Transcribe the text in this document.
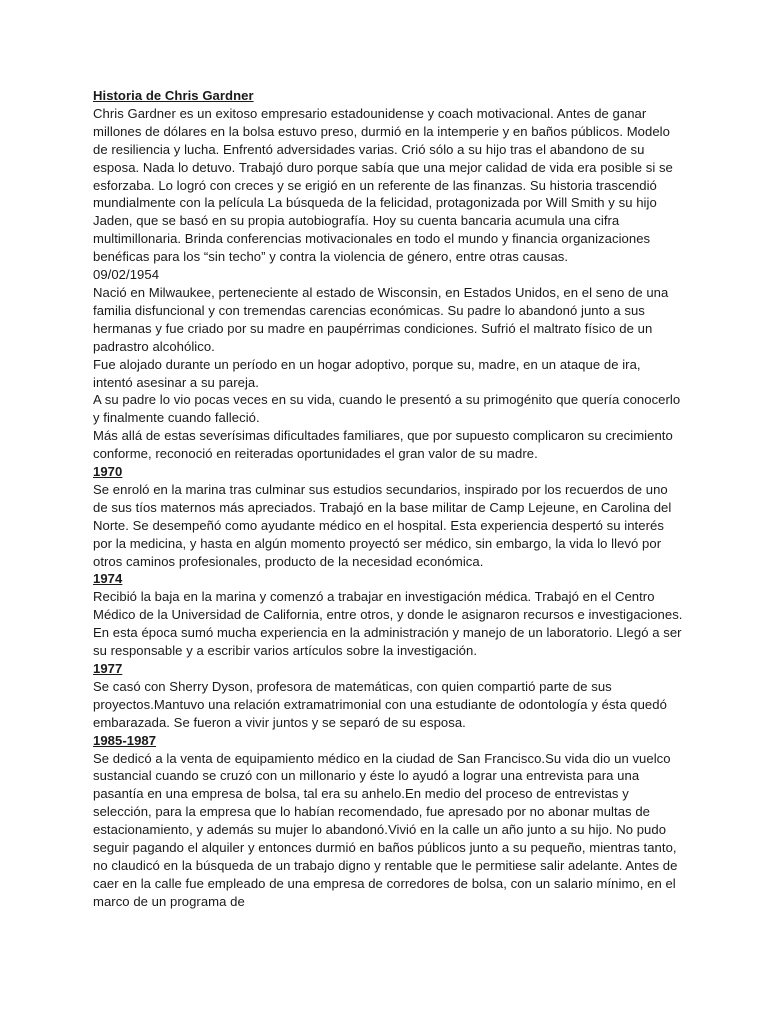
Historia de Chris Gardner

Chris Gardner es un exitoso empresario estadounidense y coach motivacional. Antes de ganar millones de dólares en la bolsa estuvo preso, durmió en la intemperie y en baños públicos. Modelo de resiliencia y lucha. Enfrentó adversidades varias. Crió sólo a su hijo tras el abandono de su esposa. Nada lo detuvo. Trabajó duro porque sabía que una mejor calidad de vida era posible si se esforzaba. Lo logró con creces y se erigió en un referente de las finanzas. Su historia trascendió mundialmente con la película La búsqueda de la felicidad, protagonizada por Will Smith y su hijo Jaden, que se basó en su propia autobiografía. Hoy su cuenta bancaria acumula una cifra multimillonaria. Brinda conferencias motivacionales en todo el mundo y financia organizaciones benéficas para los “sin techo” y contra la violencia de género, entre otras causas.

09/02/1954

Nació en Milwaukee, perteneciente al estado de Wisconsin, en Estados Unidos, en el seno de una familia disfuncional y con tremendas carencias económicas. Su padre lo abandonó junto a sus hermanas y fue criado por su madre en paupérrimas condiciones. Sufrió el maltrato físico de un padrastro alcohólico.

Fue alojado durante un período en un hogar adoptivo, porque su, madre, en un ataque de ira, intentó asesinar a su pareja.

A su padre lo vio pocas veces en su vida, cuando le presentó a su primogénito que quería conocerlo y finalmente cuando falleció.

Más allá de estas severísimas dificultades familiares, que por supuesto complicaron su crecimiento conforme, reconoció en reiteradas oportunidades el gran valor de su madre.

1970

Se enroló en la marina tras culminar sus estudios secundarios, inspirado por los recuerdos de uno de sus tíos maternos más apreciados. Trabajó en la base militar de Camp Lejeune, en Carolina del Norte. Se desempeñó como ayudante médico en el hospital. Esta experiencia despertó su interés por la medicina, y hasta en algún momento proyectó ser médico, sin embargo, la vida lo llevó por otros caminos profesionales, producto de la necesidad económica.

1974

Recibió la baja en la marina y comenzó a trabajar en investigación médica. Trabajó en el Centro Médico de la Universidad de California, entre otros, y donde le asignaron recursos e investigaciones. En esta época sumó mucha experiencia en la administración y manejo de un laboratorio. Llegó a ser su responsable y a escribir varios artículos sobre la investigación.

1977

Se casó con Sherry Dyson, profesora de matemáticas, con quien compartió parte de sus proyectos.Mantuvo una relación extramatrimonial con una estudiante de odontología y ésta quedó embarazada. Se fueron a vivir juntos y se separó de su esposa.

1985-1987

Se dedicó a la venta de equipamiento médico en la ciudad de San Francisco.Su vida dio un vuelco sustancial cuando se cruzó con un millonario y éste lo ayudó a lograr una entrevista para una pasantía en una empresa de bolsa, tal era su anhelo.En medio del proceso de entrevistas y selección, para la empresa que lo habían recomendado, fue apresado por no abonar multas de estacionamiento, y además su mujer lo abandonó.Vivió en la calle un año junto a su hijo. No pudo seguir pagando el alquiler y entonces durmió en baños públicos junto a su pequeño, mientras tanto, no claudicó en la búsqueda de un trabajo digno y rentable que le permitiese salir adelante. Antes de caer en la calle fue empleado de una empresa de corredores de bolsa, con un salario mínimo, en el marco de un programa de
